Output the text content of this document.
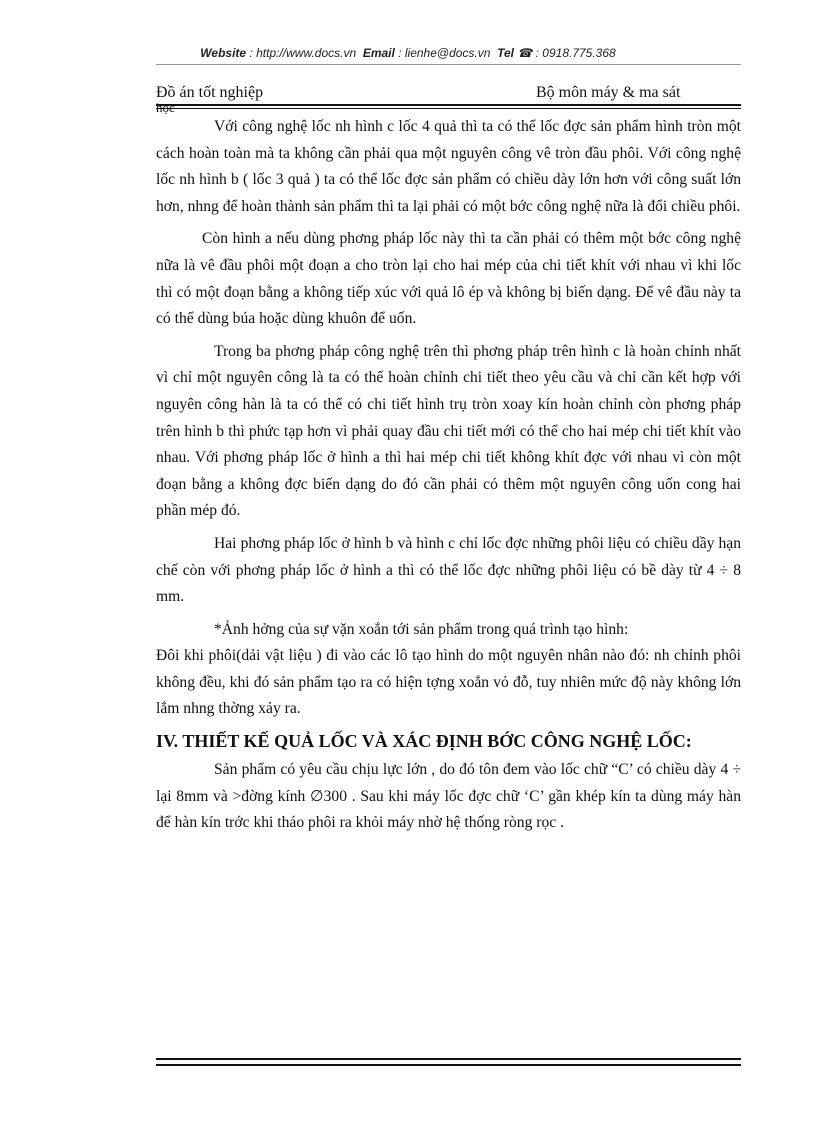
Website : http://www.docs.vn Email : lienhe@docs.vn Tel ☎ : 0918.775.368
Đồ án tốt nghiệp	Bộ môn máy & ma sát
học

Với công nghệ lốc nh hình c lốc 4 quả thì ta có thể lốc đợc sản phẩm hình tròn một cách hoàn toàn mà ta không cần phải qua một nguyên công vê tròn đầu phôi. Với công nghệ lốc nh hình b ( lốc 3 quả ) ta có thể lốc đợc sản phẩm có chiều dày lớn hơn với công suất lớn hơn, nhng để hoàn thành sản phẩm thì ta lại phải có một bớc công nghệ nữa là đổi chiều phôi.

Còn hình a nếu dùng phơng pháp lốc này thì ta cần phải có thêm một bớc công nghệ nữa là vê đầu phôi một đoạn a cho tròn lại cho hai mép của chi tiết khít với nhau vì khi lốc thì có một đoạn bằng a không tiếp xúc với quả lô ép và không bị biến dạng. Để vê đầu này ta có thể dùng búa hoặc dùng khuôn để uốn.

Trong ba phơng pháp công nghệ trên thì phơng pháp trên hình c là hoàn chỉnh nhất vì chỉ một nguyên công là ta có thể hoàn chỉnh chi tiết theo yêu cầu và chỉ cần kết hợp với nguyên công hàn là ta có thể có chi tiết hình trụ tròn xoay kín hoàn chỉnh còn phơng pháp trên hình b thì phức tạp hơn vì phải quay đầu chi tiết mới có thể cho hai mép chi tiết khít vào nhau. Với phơng pháp lốc ở hình a thì hai mép chi tiết không khít đợc với nhau vì còn một đoạn bằng a không đợc biến dạng do đó cần phải có thêm một nguyên công uốn cong hai phần mép đó.

Hai phơng pháp lốc ở hình b và hình c chỉ lốc đợc những phôi liệu có chiều dầy hạn chế còn với phơng pháp lốc ở hình a thì có thể lốc đợc những phôi liệu có bề dày từ 4 ÷ 8 mm.

*Ảnh hởng của sự vặn xoắn tới sản phẩm trong quá trình tạo hình:

Đôi khi phôi(dải vật liệu ) đi vào các lô tạo hình do một nguyên nhân nào đó: nh chỉnh phôi không đều, khi đó sản phẩm tạo ra có hiện tợng xoắn vỏ đỗ, tuy nhiên mức độ này không lớn lắm nhng thờng xảy ra.

IV. THIẾT KẾ QUẢ LỐC VÀ XÁC ĐỊNH BỚC CÔNG NGHỆ LỐC:

Sản phẩm có yêu cầu chịu lực lớn , do đó tôn đem vào lốc chữ “C’ có chiều dày 4 ÷ lại 8mm và >đờng kính ∅300 . Sau khi máy lốc đợc chữ ‘C’ gần khép kín ta dùng máy hàn để hàn kín trớc khi tháo phôi ra khỏi máy nhờ hệ thống ròng rọc .
